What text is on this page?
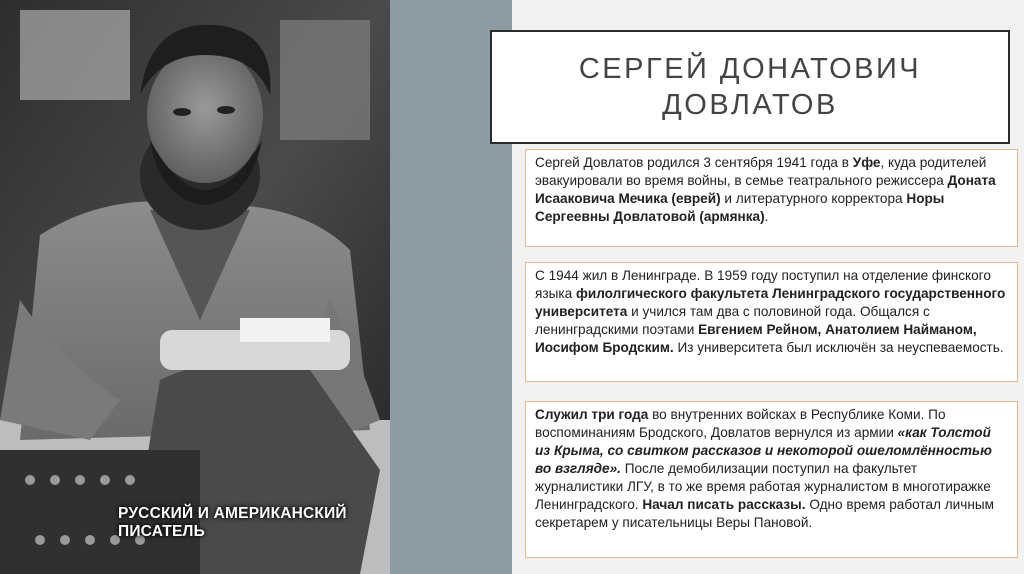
РУССКИЙ И АМЕРИКАНСКИЙ ПИСАТЕЛЬ

СЕРГЕЙ ДОНАТОВИЧ
ДОВЛАТОВ

Сергей Довлатов родился 3 сентября 1941 года в Уфе, куда родителей эвакуировали во время войны, в семье театрального режиссера Доната Исааковича Мечика (еврей) и литературного корректора Норы Сергеевны Довлатовой (армянка).

С 1944 жил в Ленинграде. В 1959 году поступил на отделение финского языка филолгического факультета Ленинградского государственного университета и учился там два с половиной года. Общался с ленинградскими поэтами Евгением Рейном, Анатолием Найманом, Иосифом Бродским. Из университета был исключён за неуспеваемость.

Служил три года во внутренних войсках в Республике Коми. По воспоминаниям Бродского, Довлатов вернулся из армии «как Толстой из Крыма, со свитком рассказов и некоторой ошеломлённостью во взгляде». После демобилизации поступил на факультет журналистики ЛГУ, в то же время работая журналистом в многотиражке Ленинградского. Начал писать рассказы. Одно время работал личным секретарем у писательницы Веры Пановой.
